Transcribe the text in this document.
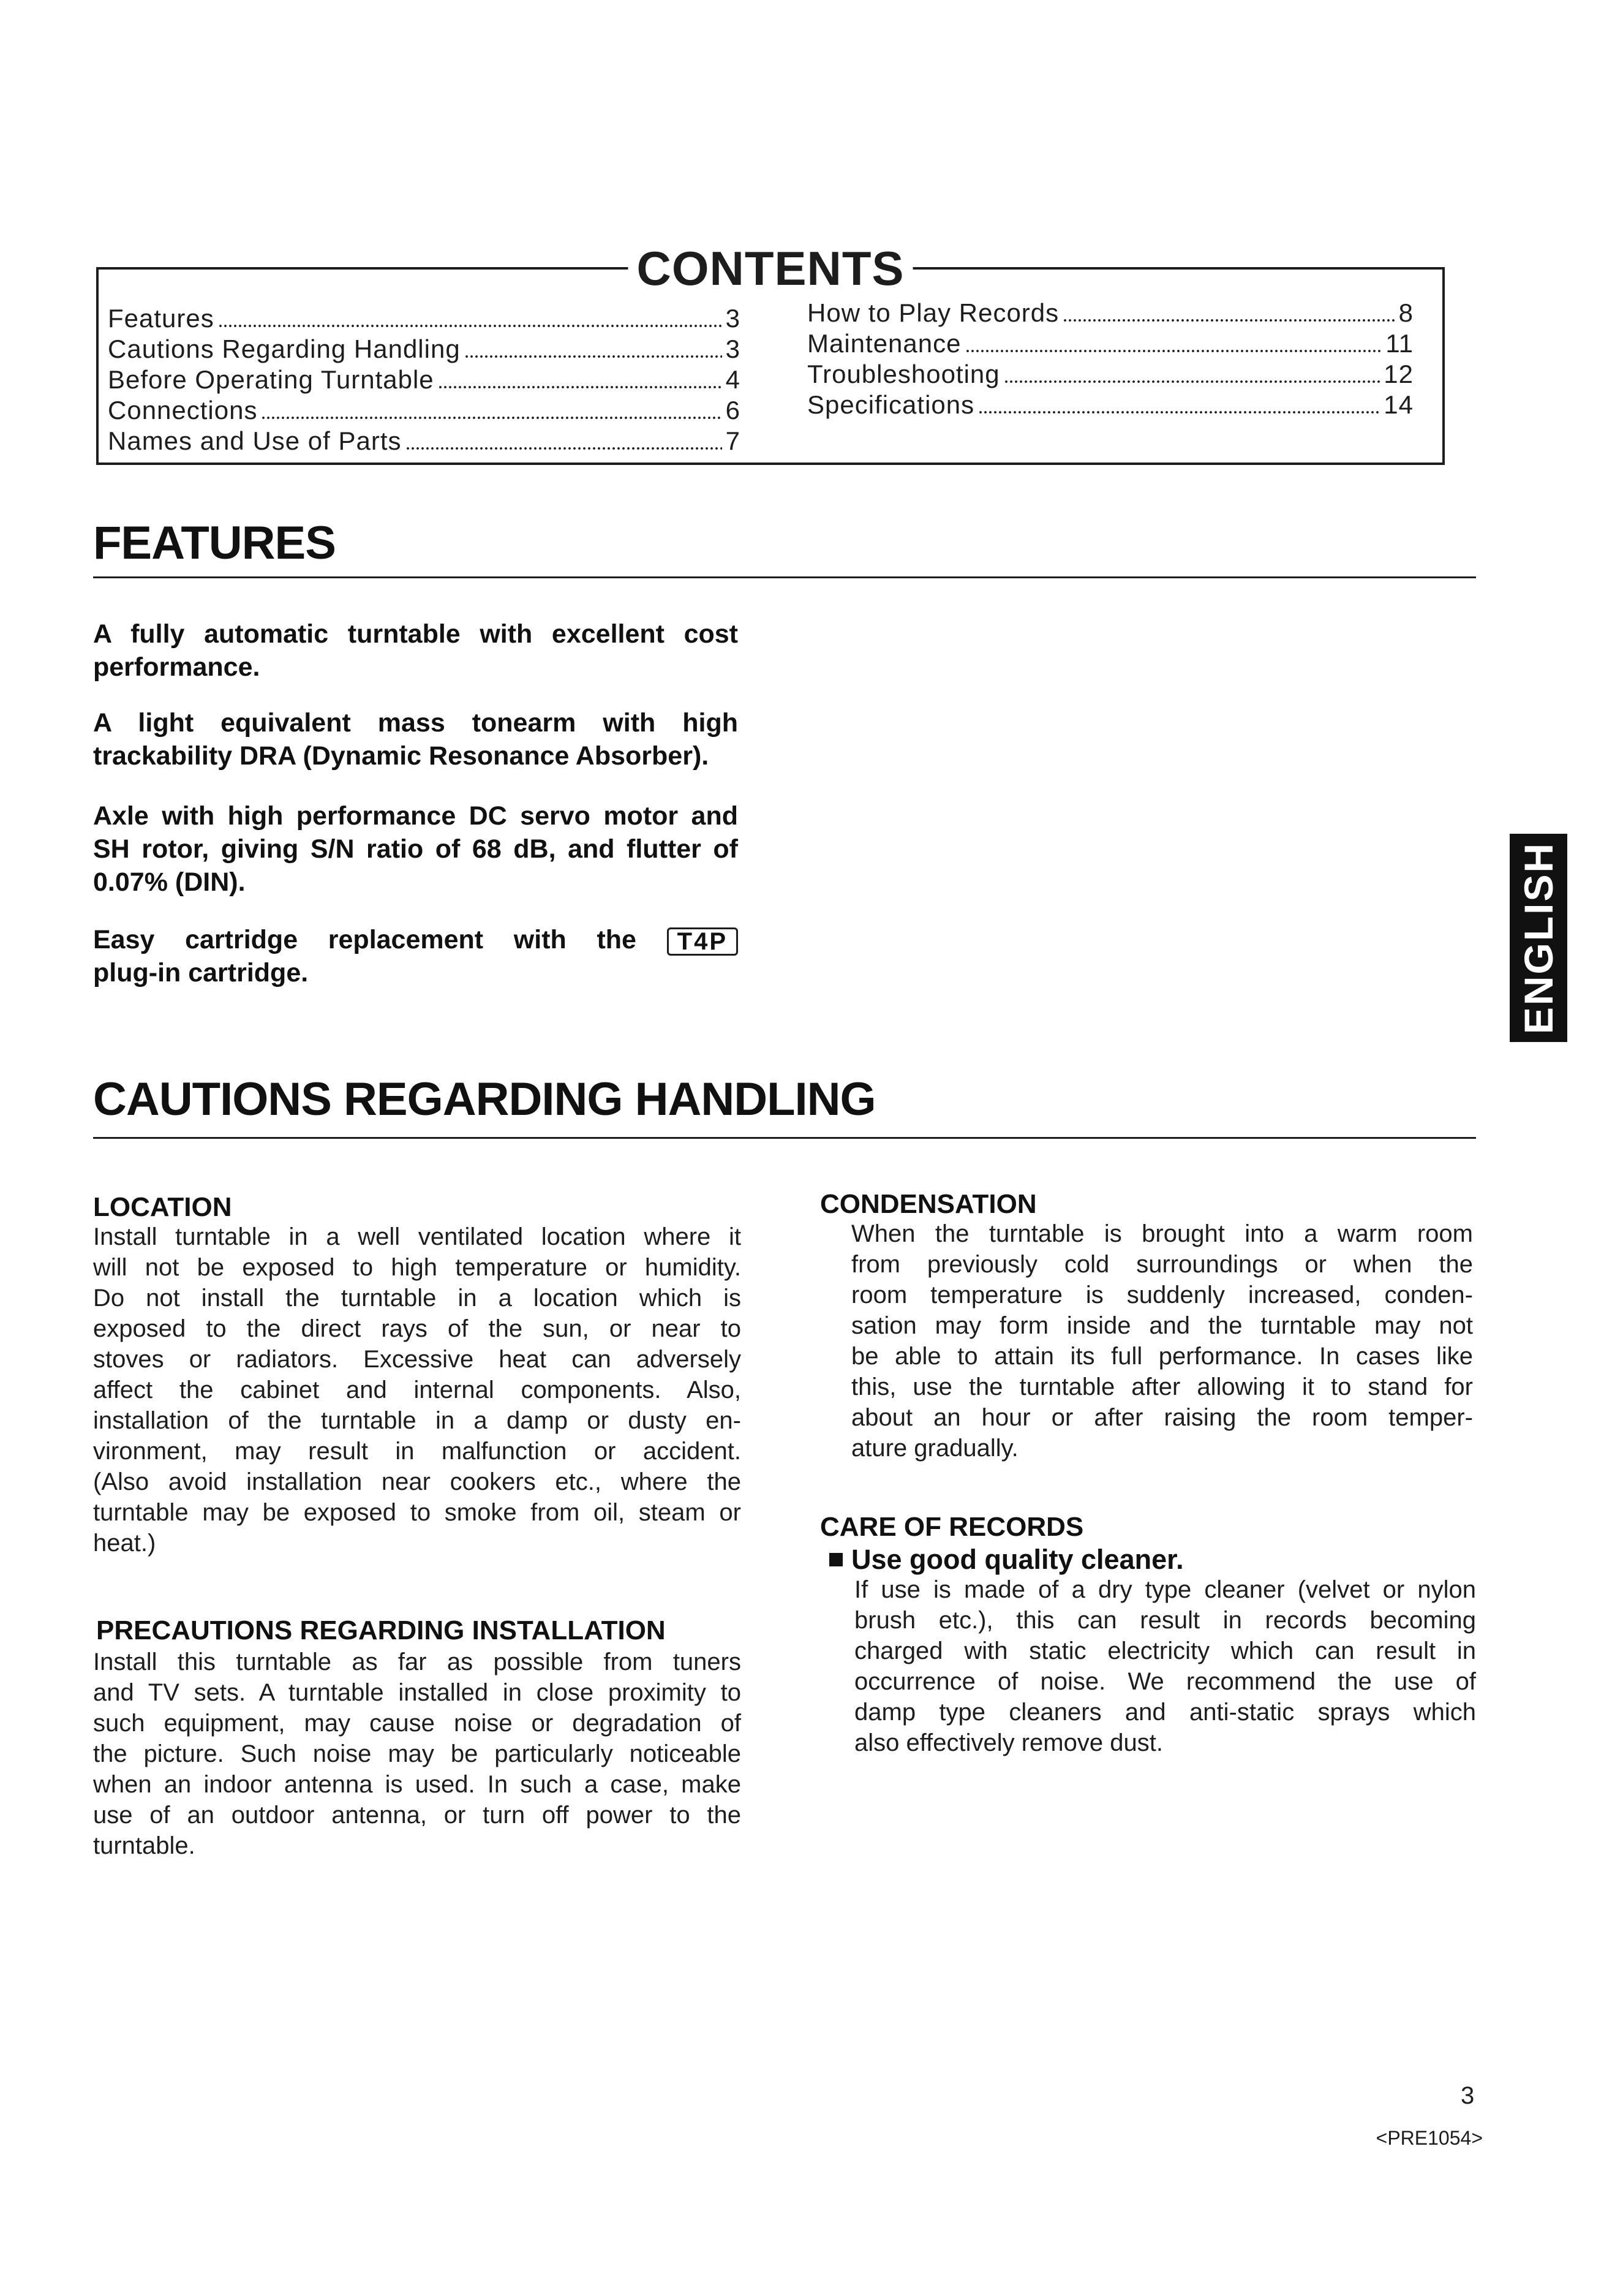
CONTENTS
Features	3
Cautions Regarding Handling	3
Before Operating Turntable	4
Connections	6
Names and Use of Parts	7
How to Play Records	8
Maintenance	11
Troubleshooting	12
Specifications	14
FEATURES
A fully automatic turntable with excellent cost
performance.
A light equivalent mass tonearm with high
trackability DRA (Dynamic Resonance Absorber).
Axle with high performance DC servo motor and
SH rotor, giving S/N ratio of 68 dB, and flutter of
0.07% (DIN).
Easy cartridge replacement with the T4P
plug-in cartridge.	ENGLISH
CAUTIONS REGARDING HANDLING
LOCATION
Install turntable in a well ventilated location where it
will not be exposed to high temperature or humidity.
Do not install the turntable in a location which is
exposed to the direct rays of the sun, or near to
stoves or radiators. Excessive heat can adversely
affect the cabinet and internal components. Also,
installation of the turntable in a damp or dusty en-
vironment, may result in malfunction or accident.
(Also avoid installation near cookers etc., where the
turntable may be exposed to smoke from oil, steam or
heat.)
PRECAUTIONS REGARDING INSTALLATION
Install this turntable as far as possible from tuners
and TV sets. A turntable installed in close proximity to
such equipment, may cause noise or degradation of
the picture. Such noise may be particularly noticeable
when an indoor antenna is used. In such a case, make
use of an outdoor antenna, or turn off power to the
turntable.
CONDENSATION
When the turntable is brought into a warm room
from previously cold surroundings or when the
room temperature is suddenly increased, conden-
sation may form inside and the turntable may not
be able to attain its full performance. In cases like
this, use the turntable after allowing it to stand for
about an hour or after raising the room temper-
ature gradually.
CARE OF RECORDS
Use good quality cleaner.
If use is made of a dry type cleaner (velvet or nylon
brush etc.), this can result in records becoming
charged with static electricity which can result in
occurrence of noise. We recommend the use of
damp type cleaners and anti-static sprays which
also effectively remove dust.
3
<PRE1054>
